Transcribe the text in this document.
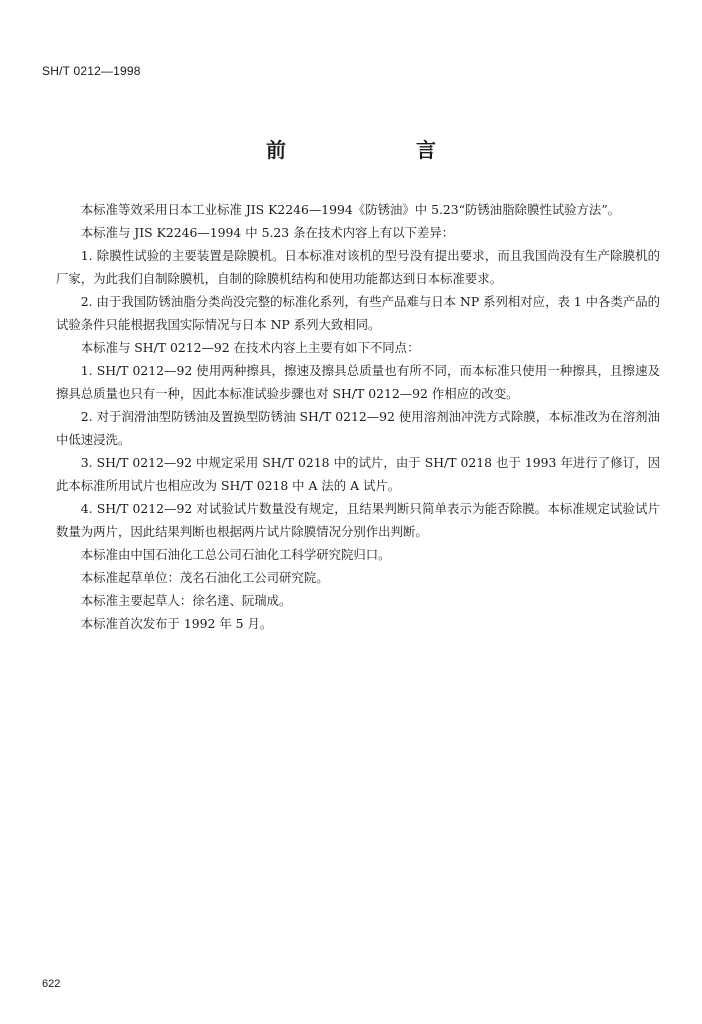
SH/T 0212—1998
前　　言

本标准等效采用日本工业标准 JIS K2246—1994《防锈油》中 5.23“防锈油脂除膜性试验方法”。

本标准与 JIS K2246—1994 中 5.23 条在技术内容上有以下差异：

1. 除膜性试验的主要装置是除膜机。日本标准对该机的型号没有提出要求，而且我国尚没有生产除膜机的厂家，为此我们自制除膜机，自制的除膜机结构和使用功能都达到日本标准要求。

2. 由于我国防锈油脂分类尚没完整的标准化系列，有些产品难与日本 NP 系列相对应，表 1 中各类产品的试验条件只能根据我国实际情况与日本 NP 系列大致相同。

本标准与 SH/T 0212—92 在技术内容上主要有如下不同点：

1. SH/T 0212—92 使用两种擦具，擦速及擦具总质量也有所不同，而本标准只使用一种擦具，且擦速及擦具总质量也只有一种，因此本标准试验步骤也对 SH/T 0212—92 作相应的改变。

2. 对于润滑油型防锈油及置换型防锈油 SH/T 0212—92 使用溶剂油冲洗方式除膜，本标准改为在溶剂油中低速浸洗。

3. SH/T 0212—92 中规定采用 SH/T 0218 中的试片，由于 SH/T 0218 也于 1993 年进行了修订，因此本标准所用试片也相应改为 SH/T 0218 中 A 法的 A 试片。

4. SH/T 0212—92 对试验试片数量没有规定，且结果判断只简单表示为能否除膜。本标准规定试验试片数量为两片，因此结果判断也根据两片试片除膜情况分别作出判断。

本标准由中国石油化工总公司石油化工科学研究院归口。

本标准起草单位：茂名石油化工公司研究院。

本标准主要起草人：徐名達、阮瑞成。

本标准首次发布于 1992 年 5 月。

622
